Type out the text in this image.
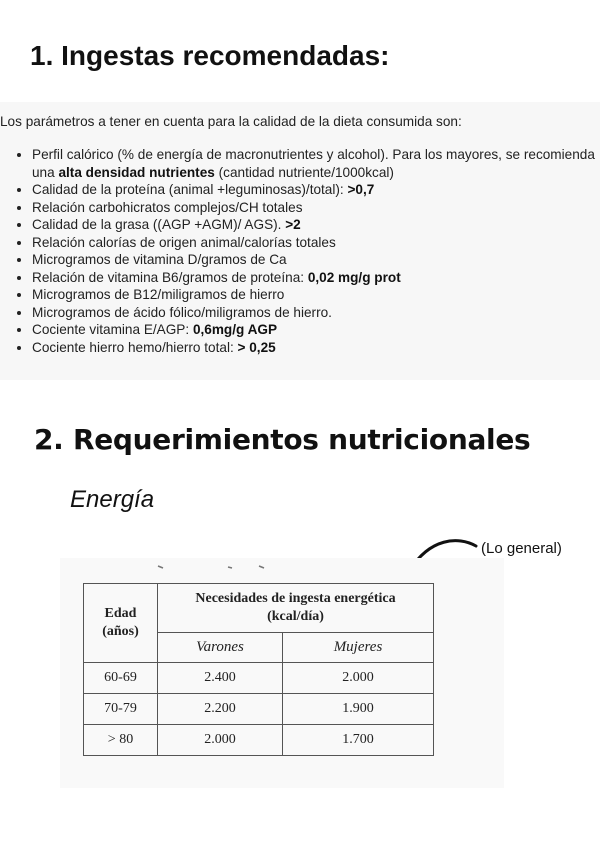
1. Ingestas recomendadas:

Los parámetros a tener en cuenta para la calidad de la dieta consumida son:

• Perfil calórico (% de energía de macronutrientes y alcohol). Para los mayores, se recomienda una alta densidad nutrientes (cantidad nutriente/1000kcal)
• Calidad de la proteína (animal +leguminosas)/total): >0,7
• Relación carbohicratos complejos/CH totales
• Calidad de la grasa ((AGP +AGM)/ AGS). >2
• Relación calorías de origen animal/calorías totales
• Microgramos de vitamina D/gramos de Ca
• Relación de vitamina B6/gramos de proteína: 0,02 mg/g prot
• Microgramos de B12/miligramos de hierro
• Microgramos de ácido fólico/miligramos de hierro.
• Cociente vitamina E/AGP: 0,6mg/g AGP
• Cociente hierro hemo/hierro total: > 0,25
2. Requerimientos nutricionales

Energía

(Lo general)
Edad
(años)	Necesidades de ingesta energética
(kcal/día)	
	Varones	Mujeres
60-69	2.400	2.000
70-79	2.200	1.900
> 80	2.000	1.700
